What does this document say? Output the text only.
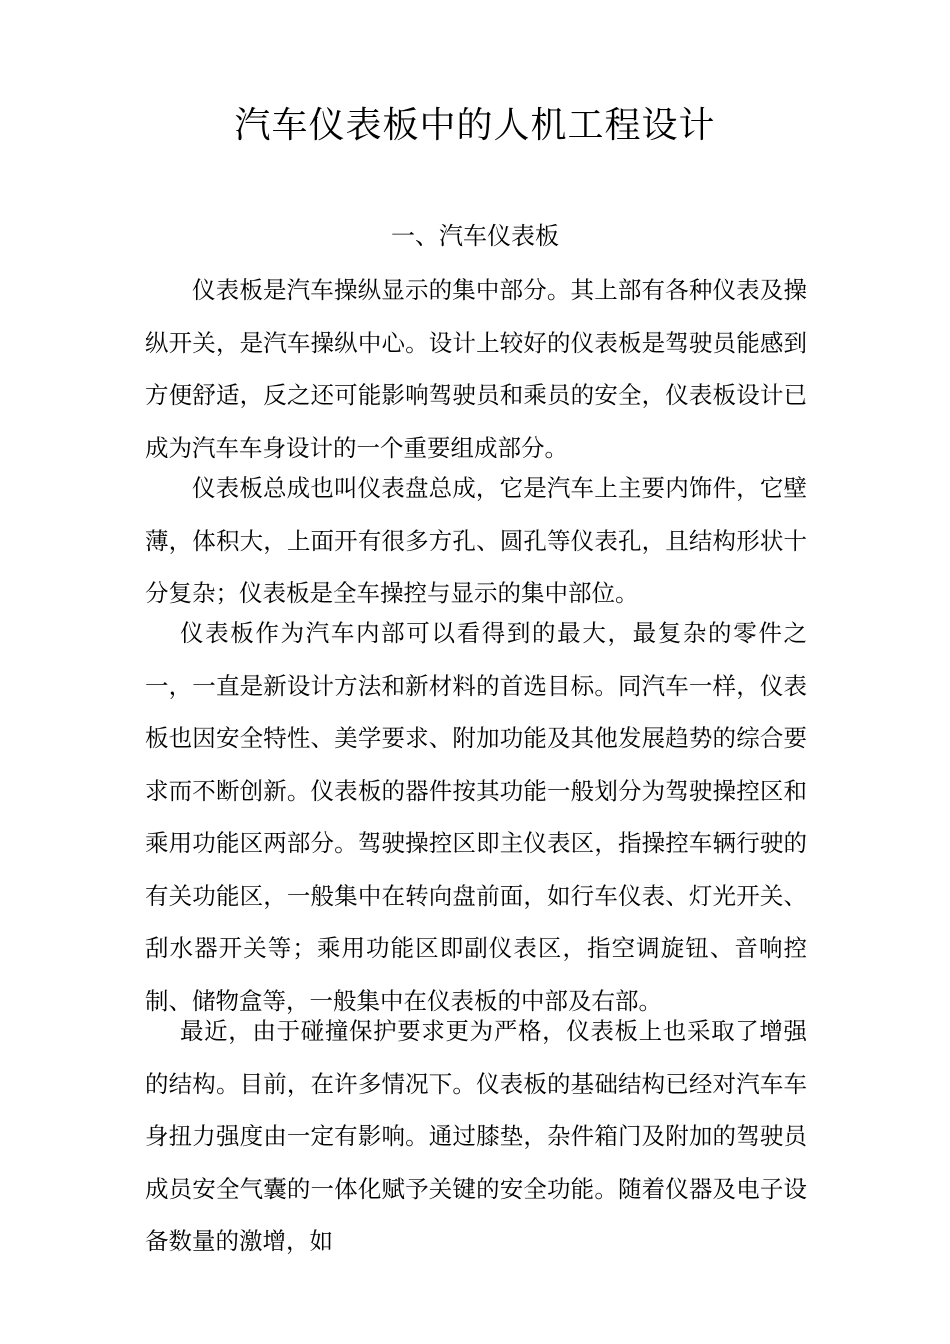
汽车仪表板中的人机工程设计
一、汽车仪表板

仪表板是汽车操纵显示的集中部分。其上部有各种仪表及操纵开关，是汽车操纵中心。设计上较好的仪表板是驾驶员能感到方便舒适，反之还可能影响驾驶员和乘员的安全，仪表板设计已成为汽车车身设计的一个重要组成部分。

仪表板总成也叫仪表盘总成，它是汽车上主要内饰件，它壁薄，体积大，上面开有很多方孔、圆孔等仪表孔，且结构形状十分复杂；仪表板是全车操控与显示的集中部位。

仪表板作为汽车内部可以看得到的最大，最复杂的零件之一，一直是新设计方法和新材料的首选目标。同汽车一样，仪表板也因安全特性、美学要求、附加功能及其他发展趋势的综合要求而不断创新。仪表板的器件按其功能一般划分为驾驶操控区和乘用功能区两部分。驾驶操控区即主仪表区，指操控车辆行驶的有关功能区，一般集中在转向盘前面，如行车仪表、灯光开关、刮水器开关等；乘用功能区即副仪表区，指空调旋钮、音响控制、储物盒等，一般集中在仪表板的中部及右部。

最近，由于碰撞保护要求更为严格，仪表板上也采取了增强的结构。目前，在许多情况下。仪表板的基础结构已经对汽车车身扭力强度由一定有影响。通过膝垫，杂件箱门及附加的驾驶员成员安全气囊的一体化赋予关键的安全功能。随着仪器及电子设备数量的激增，如
